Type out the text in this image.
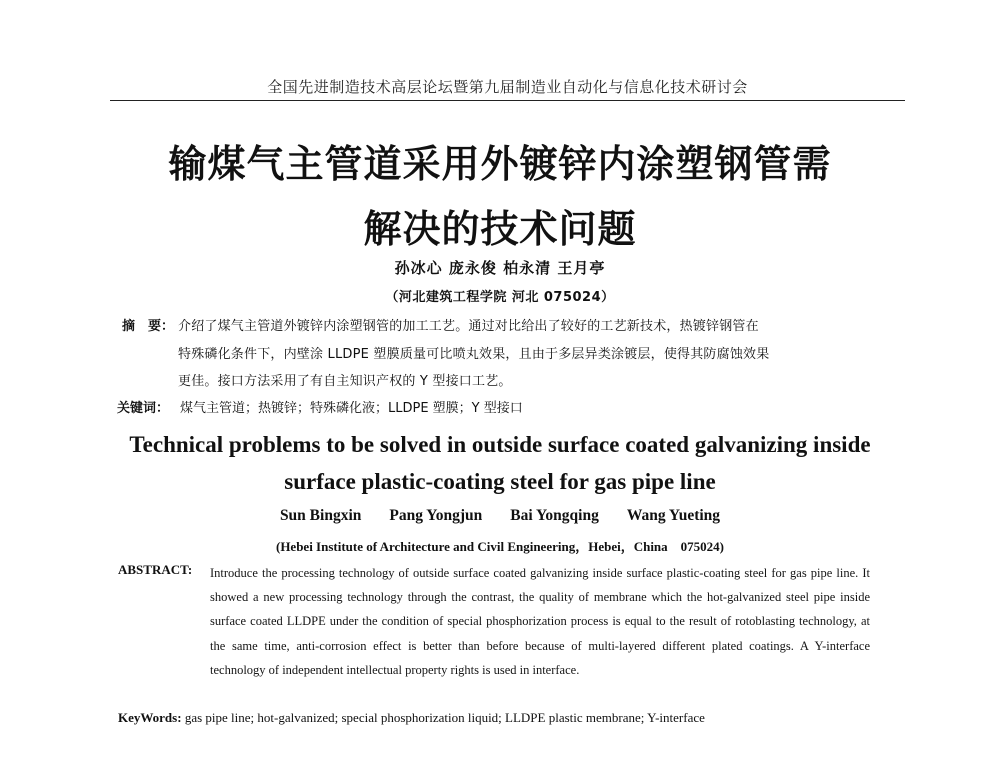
全国先进制造技术高层论坛暨第九届制造业自动化与信息化技术研讨会
输煤气主管道采用外镀锌内涂塑钢管需
解决的技术问题
孙冰心 庞永俊 柏永清 王月亭
（河北建筑工程学院 河北 075024）
摘　要： 介绍了煤气主管道外镀锌内涂塑钢管的加工工艺。通过对比给出了较好的工艺新技术，热镀锌钢管在
特殊磷化条件下，内壁涂 LLDPE 塑膜质量可比喷丸效果，且由于多层异类涂镀层，使得其防腐蚀效果
更佳。接口方法采用了有自主知识产权的 Y 型接口工艺。
关键词： 煤气主管道；热镀锌；特殊磷化液；LLDPE 塑膜；Y 型接口
Technical problems to be solved in outside surface coated galvanizing inside
surface plastic-coating steel for gas pipe line
Sun Bingxin Pang Yongjun Bai Yongqing Wang Yueting
(Hebei Institute of Architecture and Civil Engineering，Hebei，China　075024)
ABSTRACT: Introduce the processing technology of outside surface coated galvanizing inside surface plastic-coating steel for gas pipe line. It showed a new processing technology through the contrast, the quality of membrane which the hot-galvanized steel pipe inside surface coated LLDPE under the condition of special phosphorization process is equal to the result of rotoblasting technology, at the same time, anti-corrosion effect is better than before because of multi-layered different plated coatings. A Y-interface technology of independent intellectual property rights is used in interface.
KeyWords: gas pipe line; hot-galvanized; special phosphorization liquid; LLDPE plastic membrane; Y-interface
